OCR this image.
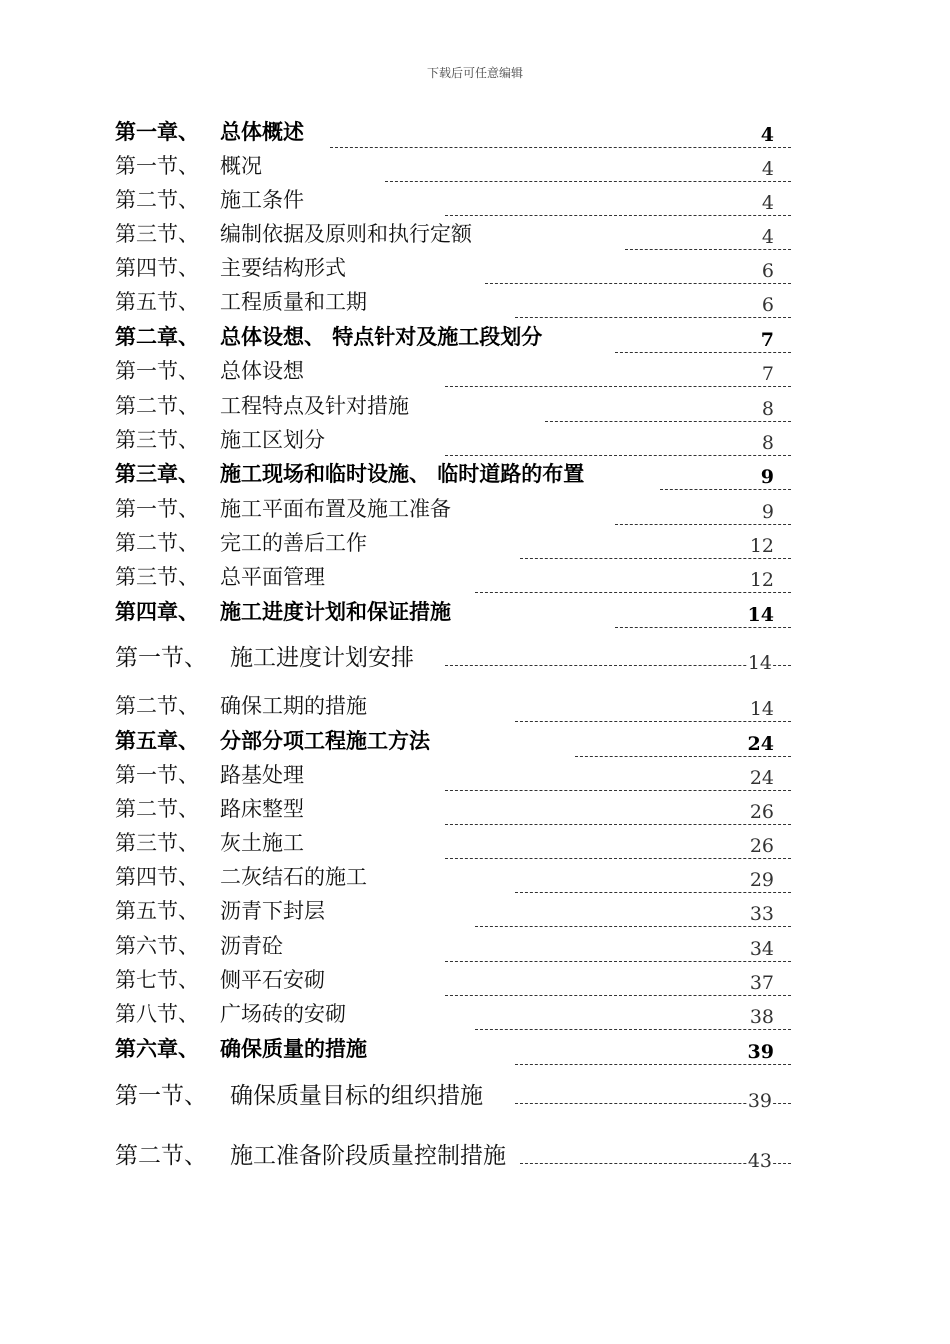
下载后可任意编辑
第一章、 总体概述	4
第一节、 概况	4
第二节、 施工条件	4
第三节、 编制依据及原则和执行定额	4
第四节、 主要结构形式	6
第五节、 工程质量和工期	6
第二章、 总体设想、 特点针对及施工段划分	7
第一节、 总体设想	7
第二节、 工程特点及针对措施	8
第三节、 施工区划分	8
第三章、 施工现场和临时设施、 临时道路的布置	9
第一节、 施工平面布置及施工准备	9
第二节、 完工的善后工作	12
第三节、 总平面管理	12
第四章、 施工进度计划和保证措施	14
第一节、 施工进度计划安排	14
第二节、 确保工期的措施	14
第五章、 分部分项工程施工方法	24
第一节、 路基处理	24
第二节、 路床整型	26
第三节、 灰土施工	26
第四节、 二灰结石的施工	29
第五节、 沥青下封层	33
第六节、 沥青砼	34
第七节、 侧平石安砌	37
第八节、 广场砖的安砌	38
第六章、 确保质量的措施	39
第一节、 确保质量目标的组织措施	39
第二节、 施工准备阶段质量控制措施	43
